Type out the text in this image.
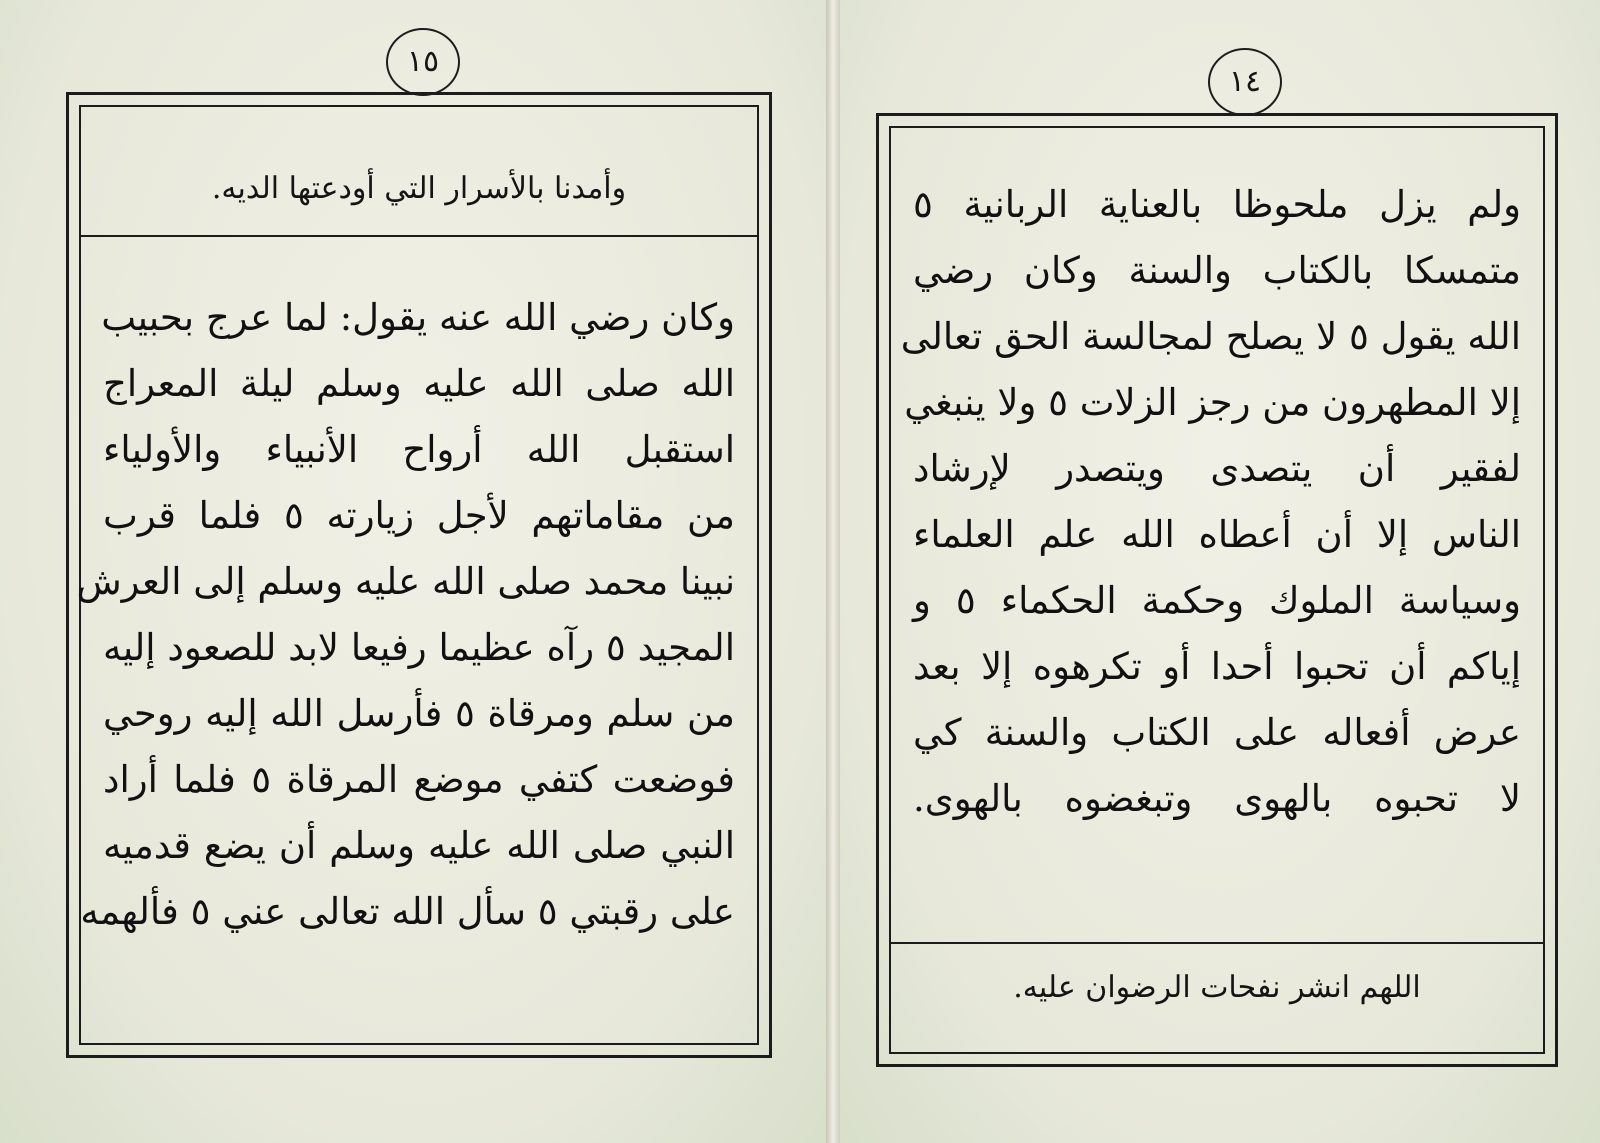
١٥
وأمدنا بالأسرار التي أودعتها الديه.
وكان رضي الله عنه يقول: لما عرج بحبيب
الله صلى الله عليه وسلم ليلة المعراج
استقبل الله أرواح الأنبياء والأولياء
من مقاماتهم لأجل زيارته ٥ فلما قرب
نبينا محمد صلى الله عليه وسلم إلى العرش
المجيد ٥ رآه عظيما رفيعا لابد للصعود إليه
من سلم ومرقاة ٥ فأرسل الله إليه روحي
فوضعت كتفي موضع المرقاة ٥ فلما أراد
النبي صلى الله عليه وسلم أن يضع قدميه
على رقبتي ٥ سأل الله تعالى عني ٥ فألهمه
١٤
ولم يزل ملحوظا بالعناية الربانية ٥
متمسكا بالكتاب والسنة وكان رضي
الله يقول ٥ لا يصلح لمجالسة الحق تعالى
إلا المطهرون من رجز الزلات ٥ ولا ينبغي
لفقير أن يتصدى ويتصدر لإرشاد
الناس إلا أن أعطاه الله علم العلماء
وسياسة الملوك وحكمة الحكماء ٥ و
إياكم أن تحبوا أحدا أو تكرهوه إلا بعد
عرض أفعاله على الكتاب والسنة كي
لا تحبوه بالهوى وتبغضوه بالهوى.
اللهم انشر نفحات الرضوان عليه.
